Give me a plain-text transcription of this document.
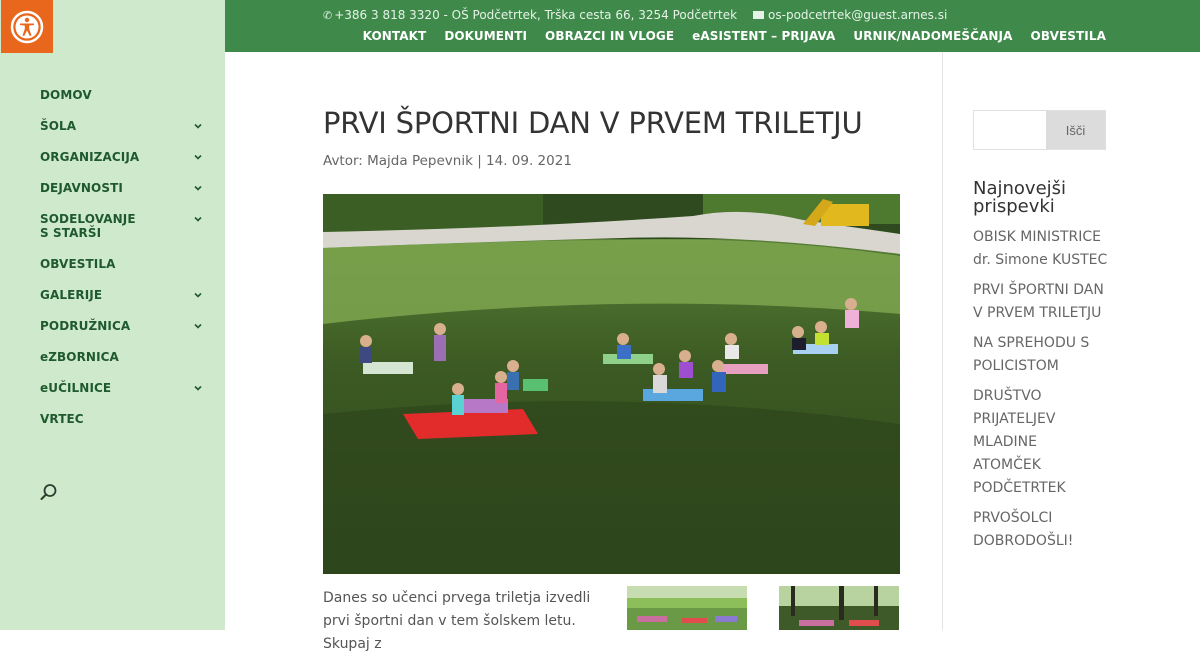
DOMOV
ŠOLA
ORGANIZACIJA
DEJAVNOSTI
SODELOVANJE S STARŠI
OBVESTILA
GALERIJE
PODRUŽNICA
eZBORNICA
eUČILNICE
VRTEC
✆ +386 3 818 3320 - OŠ Podčetrtek, Trška cesta 66, 3254 Podčetrtek	os-podcetrtek@guest.arnes.si
KONTAKT DOKUMENTI OBRAZCI IN VLOGE eASISTENT – PRIJAVA URNIK/NADOMEŠČANJA OBVESTILA
PRVI ŠPORTNI DAN V PRVEM TRILETJU
Avtor: Majda Pepevnik | 14. 09. 2021
Danes so učenci prvega triletja izvedli prvi športni dan v tem šolskem letu. Skupaj z
Išči
Najnovejši prispevki
OBISK MINISTRICE dr. Simone KUSTEC
PRVI ŠPORTNI DAN V PRVEM TRILETJU
NA SPREHODU S POLICISTOM
DRUŠTVO PRIJATELJEV MLADINE ATOMČEK PODČETRTEK
PRVOŠOLCI DOBRODOŠLI!
